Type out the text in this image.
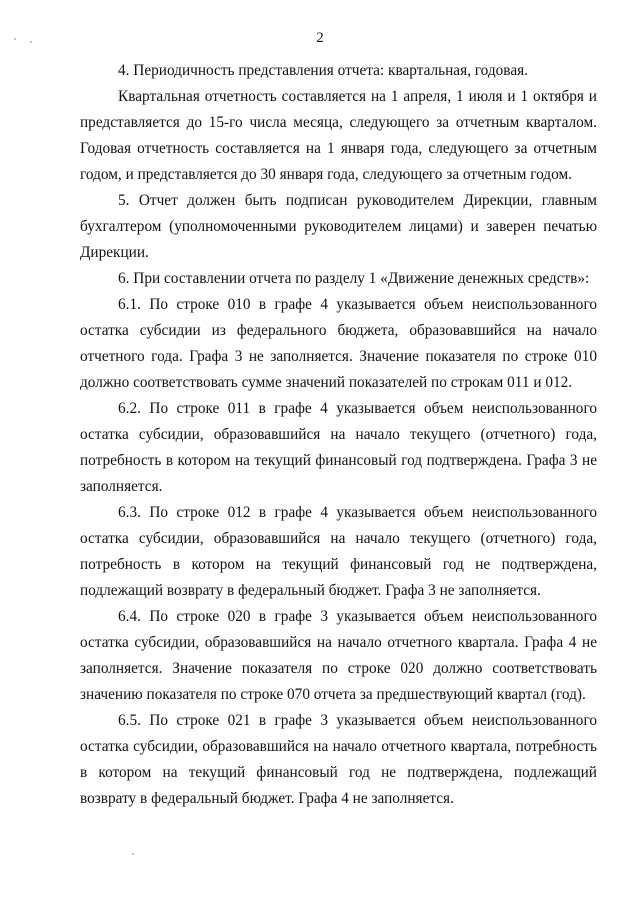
2

4. Периодичность представления отчета: квартальная, годовая.

Квартальная отчетность составляется на 1 апреля, 1 июля и 1 октября и представляется до 15-го числа месяца, следующего за отчетным кварталом. Годовая отчетность составляется на 1 января года, следующего за отчетным годом, и представляется до 30 января года, следующего за отчетным годом.

5. Отчет должен быть подписан руководителем Дирекции, главным бухгалтером (уполномоченными руководителем лицами) и заверен печатью Дирекции.

6. При составлении отчета по разделу 1 «Движение денежных средств»:

6.1. По строке 010 в графе 4 указывается объем неиспользованного остатка субсидии из федерального бюджета, образовавшийся на начало отчетного года. Графа 3 не заполняется. Значение показателя по строке 010 должно соответствовать сумме значений показателей по строкам 011 и 012.

6.2. По строке 011 в графе 4 указывается объем неиспользованного остатка субсидии, образовавшийся на начало текущего (отчетного) года, потребность в котором на текущий финансовый год подтверждена. Графа 3 не заполняется.

6.3. По строке 012 в графе 4 указывается объем неиспользованного остатка субсидии, образовавшийся на начало текущего (отчетного) года, потребность в котором на текущий финансовый год не подтверждена, подлежащий возврату в федеральный бюджет. Графа 3 не заполняется.

6.4. По строке 020 в графе 3 указывается объем неиспользованного остатка субсидии, образовавшийся на начало отчетного квартала. Графа 4 не заполняется. Значение показателя по строке 020 должно соответствовать значению показателя по строке 070 отчета за предшествующий квартал (год).

6.5. По строке 021 в графе 3 указывается объем неиспользованного остатка субсидии, образовавшийся на начало отчетного квартала, потребность в котором на текущий финансовый год не подтверждена, подлежащий возврату в федеральный бюджет. Графа 4 не заполняется.
